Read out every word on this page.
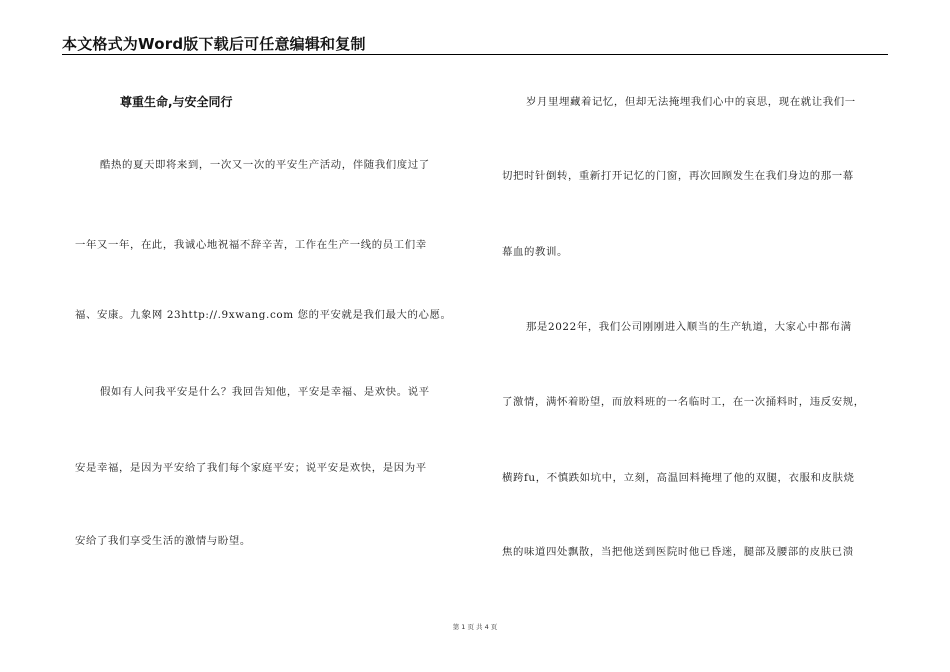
本文格式为Word版下载后可任意编辑和复制
尊重生命,与安全同行
酷热的夏天即将来到，一次又一次的平安生产活动，伴随我们度过了
一年又一年，在此，我诚心地祝福不辞辛苦，工作在生产一线的员工们幸
福、安康。九象网 23http://.9xwang.com 您的平安就是我们最大的心愿。
假如有人问我平安是什么？我回告知他，平安是幸福、是欢快。说平
安是幸福，是因为平安给了我们每个家庭平安；说平安是欢快，是因为平
安给了我们享受生活的激情与盼望。
岁月里埋藏着记忆，但却无法掩埋我们心中的哀思，现在就让我们一
切把时针倒转，重新打开记忆的门窗，再次回顾发生在我们身边的那一幕
幕血的教训。
那是2022年，我们公司刚刚进入顺当的生产轨道，大家心中都布满
了激情，满怀着盼望，而放料班的一名临时工，在一次捅料时，违反安规，
横跨fu，不慎跌如坑中，立刻，高温回料掩埋了他的双腿，衣服和皮肤烧
焦的味道四处飘散，当把他送到医院时他已昏迷，腿部及腰部的皮肤已溃
第 1 页 共 4 页
